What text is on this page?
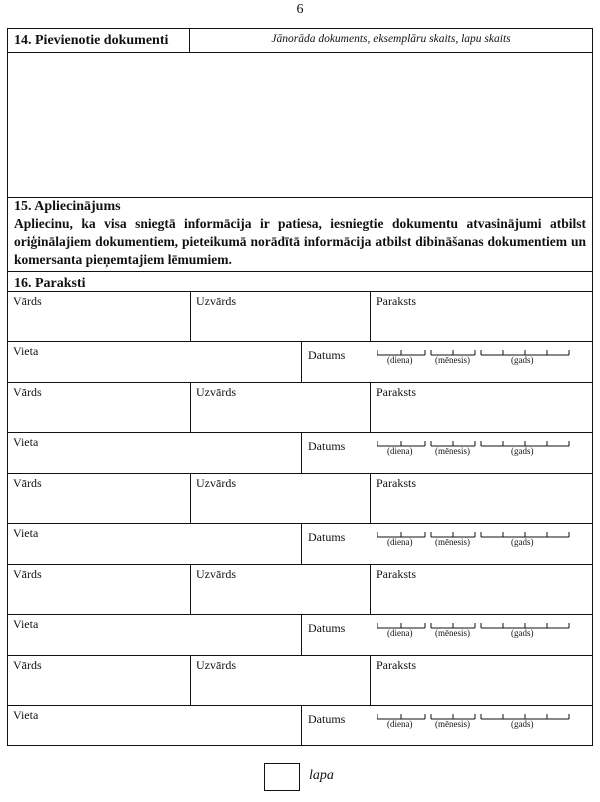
6
14. Pievienotie dokumenti	Jānorāda dokuments, eksemplāru skaits, lapu skaits
15. Apliecinājums
Apliecinu, ka visa sniegtā informācija ir patiesa, iesniegtie dokumentu atvasinājumi atbilst oriģinālajiem dokumentiem, pieteikumā norādītā informācija atbilst dibināšanas dokumentiem un komersanta pieņemtajiem lēmumiem.
16. Paraksti
Vārds	Uzvārds	Paraksts
Vieta	Datums	(diena)	(mēnesis)	(gads)
Vārds	Uzvārds	Paraksts
Vieta	Datums	(diena)	(mēnesis)	(gads)
Vārds	Uzvārds	Paraksts
Vieta	Datums	(diena)	(mēnesis)	(gads)
Vārds	Uzvārds	Paraksts
Vieta	Datums	(diena)	(mēnesis)	(gads)
Vārds	Uzvārds	Paraksts
Vieta	Datums	(diena)	(mēnesis)	(gads)
lapa
